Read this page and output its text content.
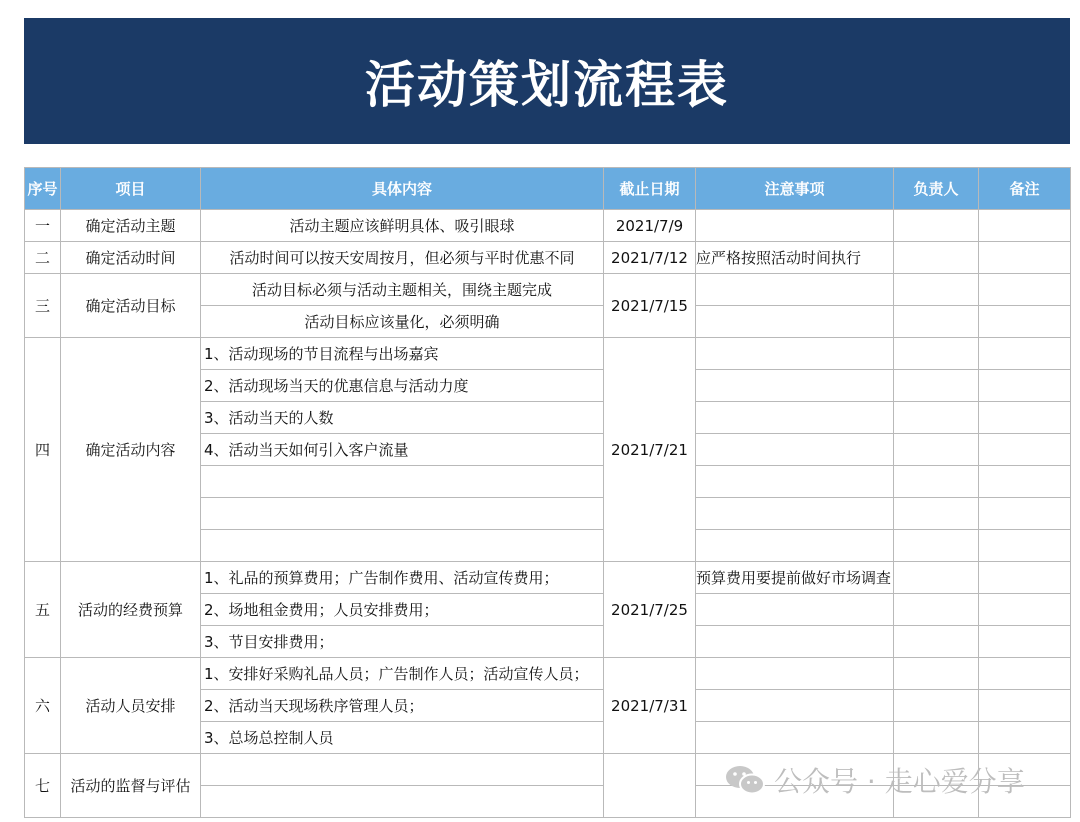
活动策划流程表
序号	项目	具体内容	截止日期	注意事项	负责人	备注
一	确定活动主题	活动主题应该鲜明具体、吸引眼球	2021/7/9			
二	确定活动时间	活动时间可以按天安周按月，但必须与平时优惠不同	2021/7/12	应严格按照活动时间执行		
三	确定活动目标	活动目标必须与活动主题相关，围绕主题完成	2021/7/15			
		活动目标应该量化，必须明确				
四	确定活动内容	1、活动现场的节目流程与出场嘉宾	2021/7/21			
		2、活动现场当天的优惠信息与活动力度				
		3、活动当天的人数				
		4、活动当天如何引入客户流量				

五	活动的经费预算	1、礼品的预算费用；广告制作费用、活动宣传费用；	2021/7/25	预算费用要提前做好市场调查		
		2、场地租金费用；人员安排费用；				
		3、节目安排费用；				
六	活动人员安排	1、安排好采购礼品人员；广告制作人员；活动宣传人员；	2021/7/31			
		2、活动当天现场秩序管理人员；				
		3、总场总控制人员				
七	活动的监督与评估					
				公众号 · 走心爱分享
